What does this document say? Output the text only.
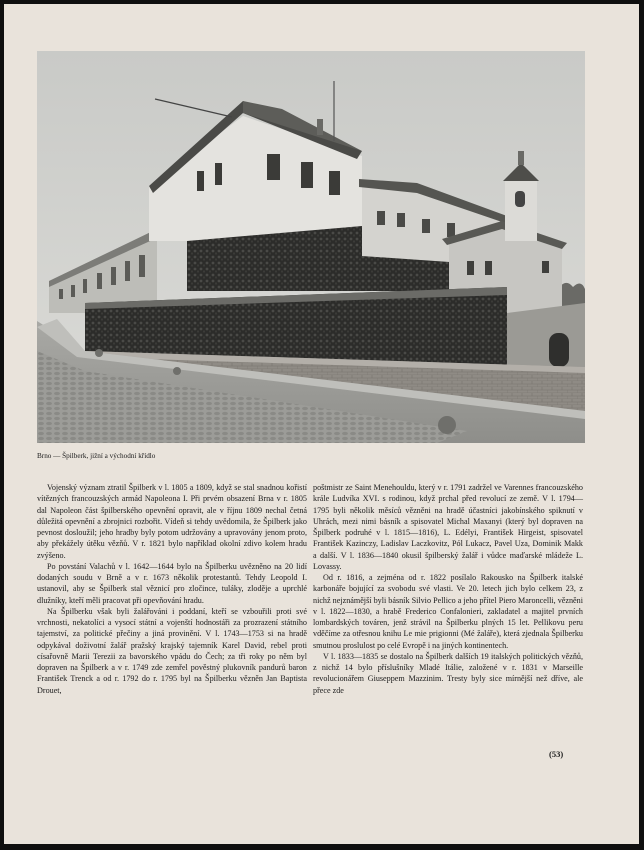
Brno — Špilberk, jižní a východní křídlo

Vojenský význam ztratil Špilberk v l. 1805 a 1809, když se stal snadnou kořistí vítězných francouzských armád Napoleona I. Při prvém obsazení Brna v r. 1805 dal Napoleon část špilberského opevnění opravit, ale v říjnu 1809 nechal četná důležitá opevnění a zbrojnici rozbořit. Vídeň si tehdy uvědomila, že Špilberk jako pevnost dosloužil; jeho hradby byly potom udržovány a upravovány jenom proto, aby překážely útěku vězňů. V r. 1821 bylo například okolní zdivo kolem hradu zvýšeno.

Po povstání Valachů v l. 1642—1644 bylo na Špilberku uvězněno na 20 lidí dodaných soudu v Brně a v r. 1673 několik protestantů. Tehdy Leopold I. ustanovil, aby se Špilberk stal věznicí pro zločince, tuláky, zloděje a uprchlé dlužníky, kteří měli pracovat při opevňování hradu.

Na Špilberku však byli žalářováni i poddaní, kteří se vzbouřili proti své vrchnosti, nekatolíci a vysocí státní a vojenští hodnostáři za prozrazení státního tajemství, za politické přečiny a jiná provinění. V l. 1743—1753 si na hradě odpykával doživotní žalář pražský krajský tajemník Karel David, rebel proti císařovně Marii Terezii za bavorského vpádu do Čech; za tři roky po něm byl dopraven na Špilberk a v r. 1749 zde zemřel pověstný plukovník pandurů baron František Trenck a od r. 1792 do r. 1795 byl na Špilberku vězněn Jan Baptista Drouet,

poštmistr ze Saint Menehouldu, který v r. 1791 zadržel ve Varennes francouzského krále Ludvíka XVI. s rodinou, když prchal před revolucí ze země. V l. 1794—1795 byli několik měsíců vězněni na hradě účastníci jakobínského spiknutí v Uhrách, mezi nimi básník a spisovatel Michal Maxanyi (který byl dopraven na Špilberk podruhé v l. 1815—1816), L. Edélyi, František Hirgeist, spisovatel František Kazinczy, Ladislav Laczkovitz, Pól Lukacz, Pavel Uza, Dominik Makk a další. V l. 1836—1840 okusil špilberský žalář i vůdce maďarské mládeže L. Lovassy.

Od r. 1816, a zejména od r. 1822 posílalo Rakousko na Špilberk italské karbonáře bojující za svobodu své vlasti. Ve 20. letech jich bylo celkem 23, z nichž nejznámější byli básník Silvio Pellico a jeho přítel Piero Maroncelli, vězněni v l. 1822—1830, a hrabě Frederico Confalonieri, zakladatel a majitel prvních lombardských továren, jenž strávil na Špilberku plných 15 let. Pellikovu peru vděčíme za otřesnou knihu Le mie prigionni (Mé žaláře), která zjednala Špilberku smutnou proslulost po celé Evropě i na jiných kontinentech.

V l. 1833—1835 se dostalo na Špilberk dalších 19 italských politických vězňů, z nichž 14 bylo příslušníky Mladé Itálie, založené v r. 1831 v Marseille revolucionářem Giuseppem Mazzinim. Tresty byly sice mírnější než dříve, ale přece zde

(53)
